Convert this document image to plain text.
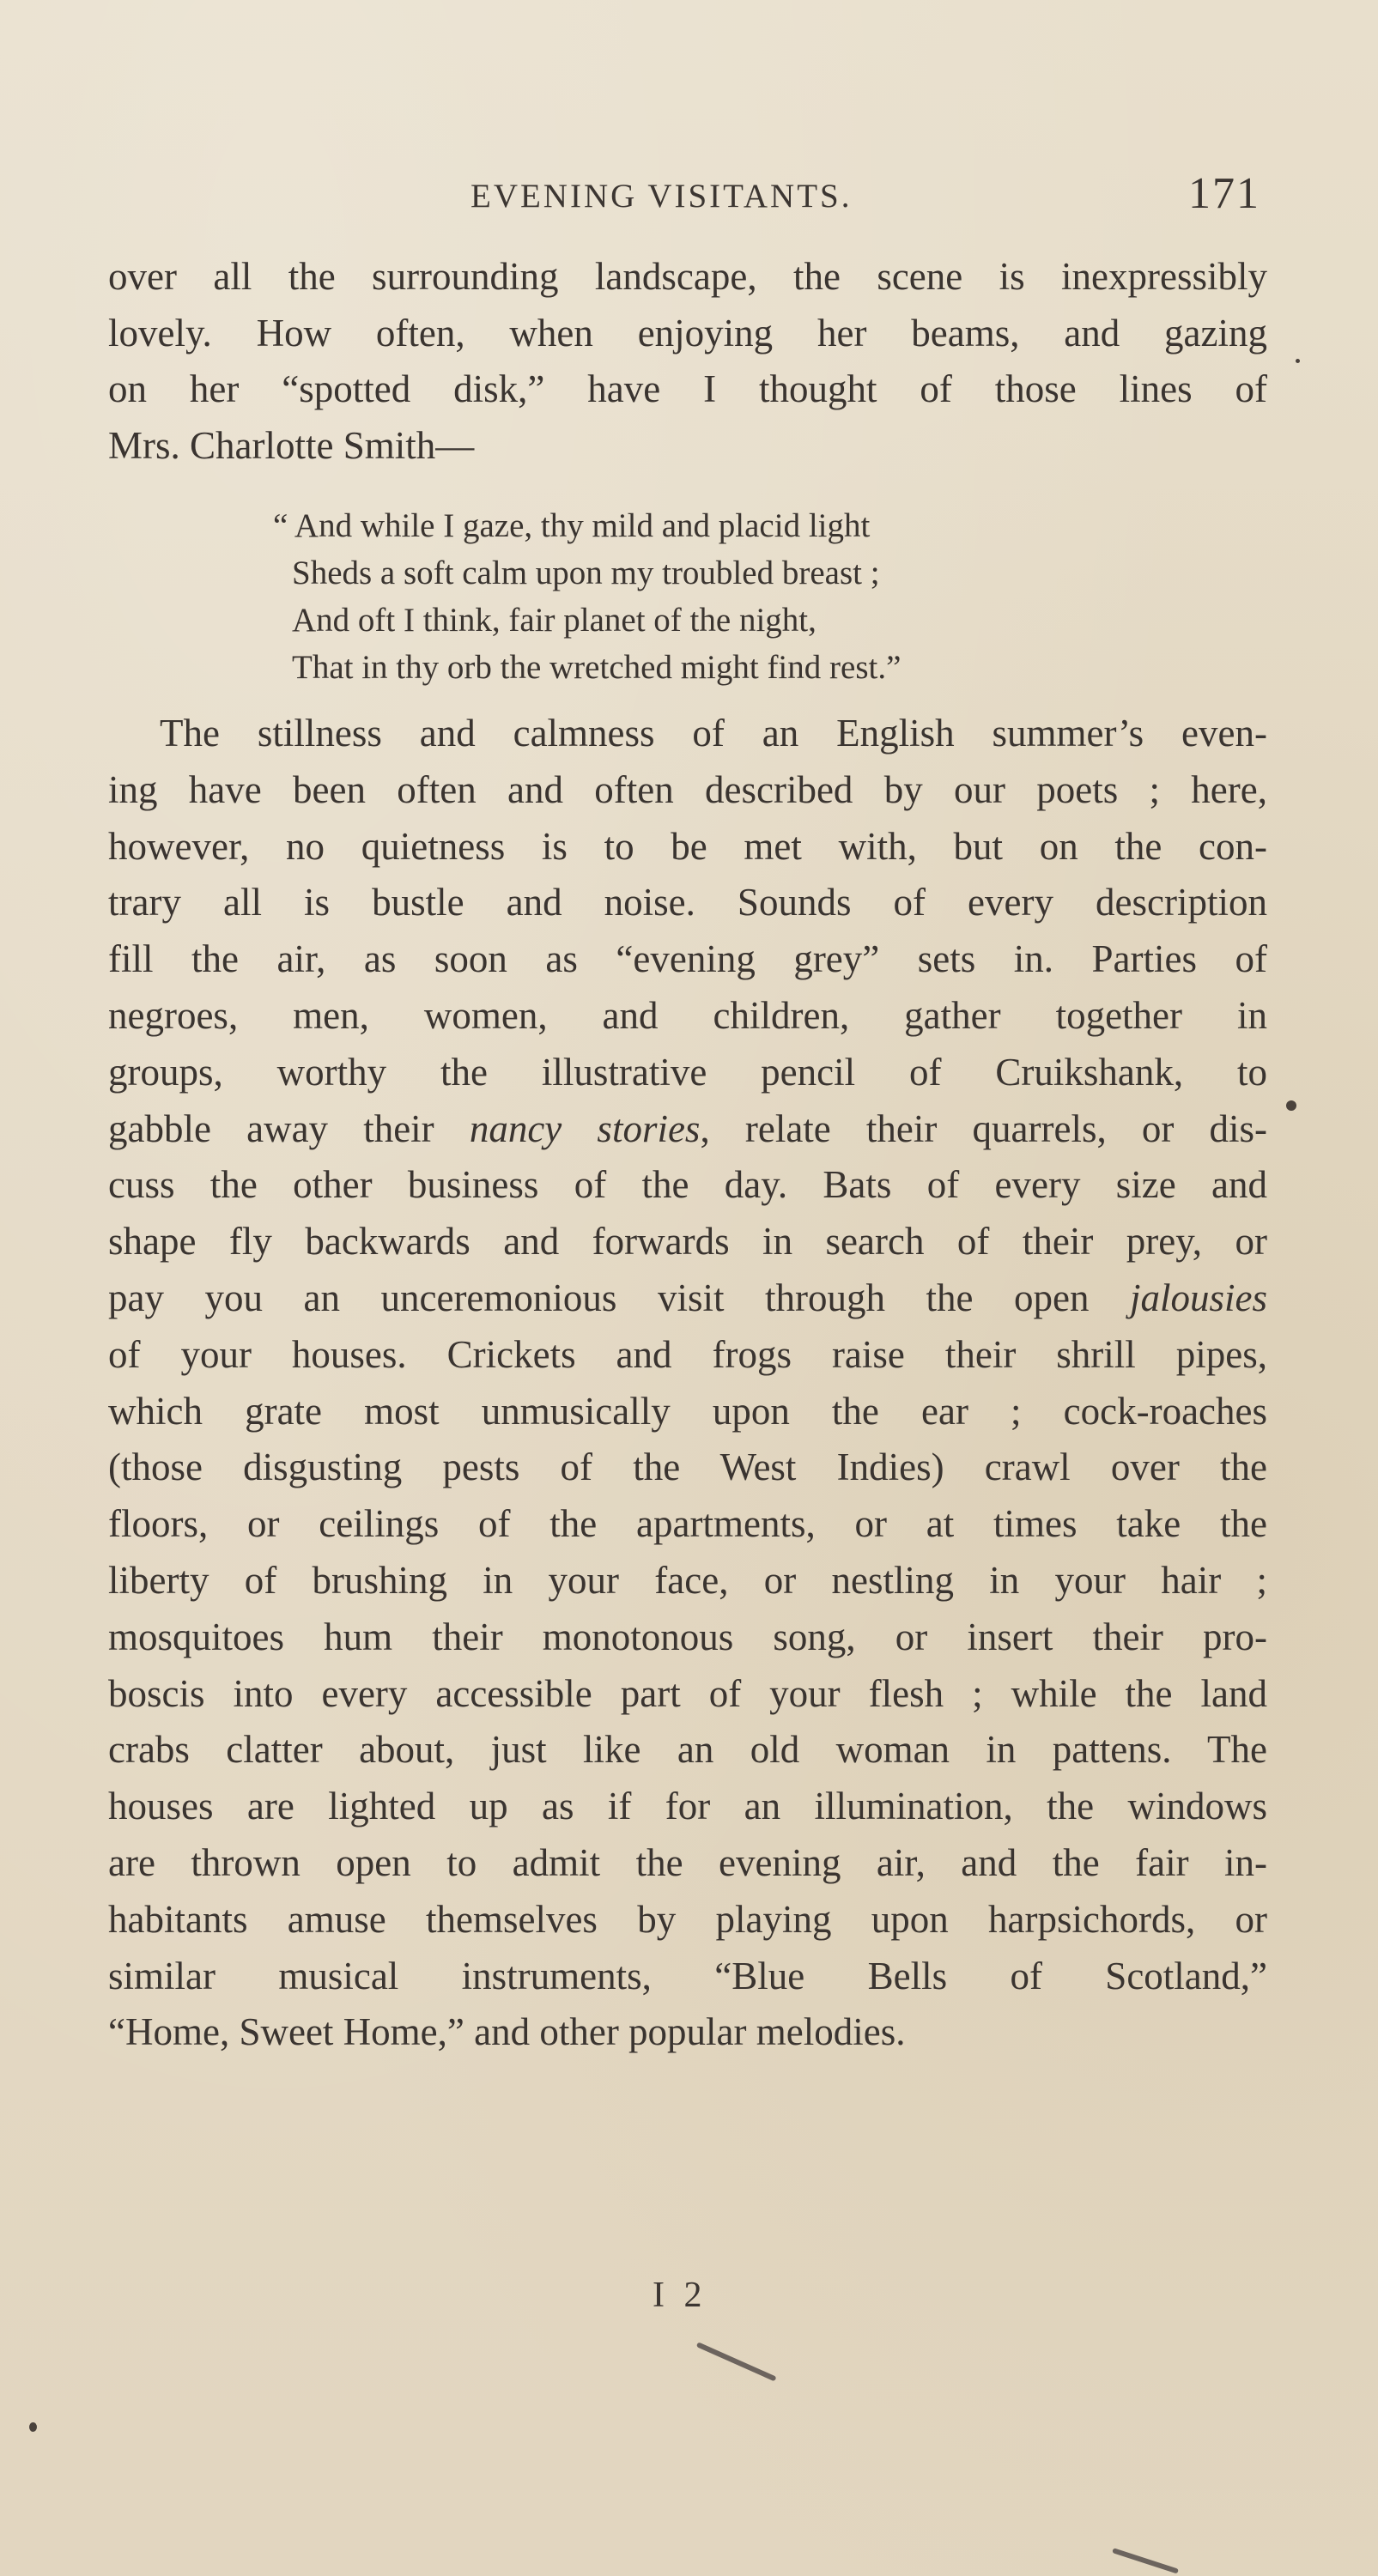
EVENING VISITANTS.	171
over all the surrounding landscape, the scene is inexpressibly
lovely. How often, when enjoying her beams, and gazing
on her “spotted disk,” have I thought of those lines of
Mrs. Charlotte Smith—
“ And while I gaze, thy mild and placid light
Sheds a soft calm upon my troubled breast ;
And oft I think, fair planet of the night,
That in thy orb the wretched might find rest.”
The stillness and calmness of an English summer’s even-
ing have been often and often described by our poets ; here,
however, no quietness is to be met with, but on the con-
trary all is bustle and noise. Sounds of every description
fill the air, as soon as “evening grey” sets in. Parties of
negroes, men, women, and children, gather together in
groups, worthy the illustrative pencil of Cruikshank, to
gabble away their nancy stories, relate their quarrels, or dis-
cuss the other business of the day. Bats of every size and
shape fly backwards and forwards in search of their prey, or
pay you an unceremonious visit through the open jalousies
of your houses. Crickets and frogs raise their shrill pipes,
which grate most unmusically upon the ear ; cock-roaches
(those disgusting pests of the West Indies) crawl over the
floors, or ceilings of the apartments, or at times take the
liberty of brushing in your face, or nestling in your hair ;
mosquitoes hum their monotonous song, or insert their pro-
boscis into every accessible part of your flesh ; while the land
crabs clatter about, just like an old woman in pattens. The
houses are lighted up as if for an illumination, the windows
are thrown open to admit the evening air, and the fair in-
habitants amuse themselves by playing upon harpsichords, or
similar musical instruments, “Blue Bells of Scotland,”
“Home, Sweet Home,” and other popular melodies.
I 2
